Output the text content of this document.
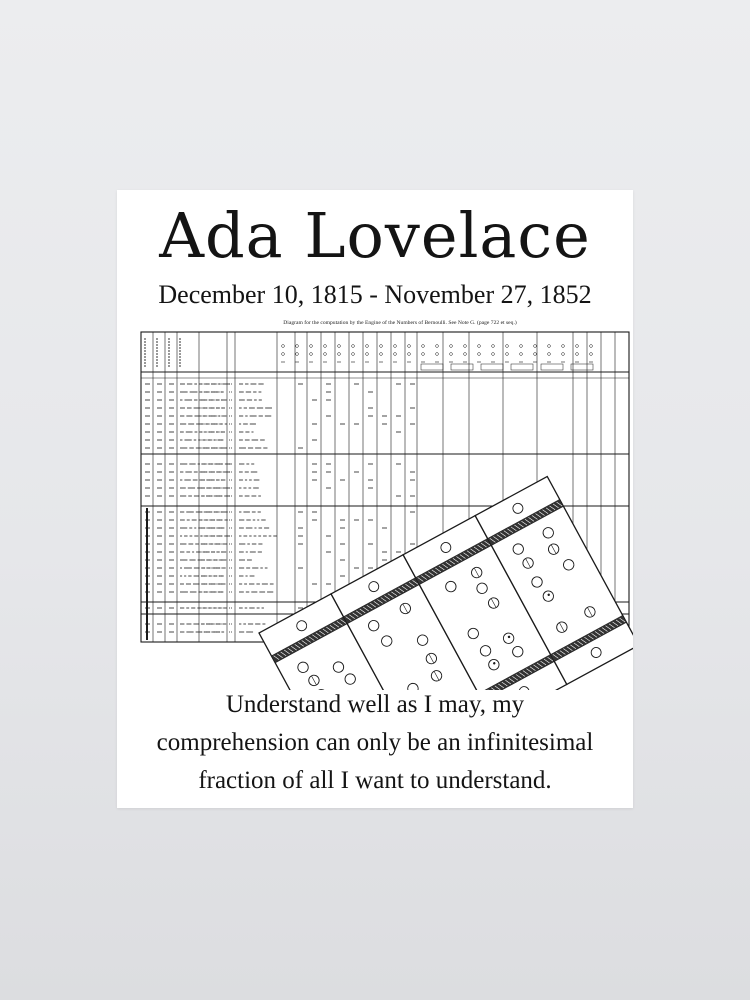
Ada Lovelace
December 10, 1815 - November 27, 1852
Diagram for the computation by the Engine of the Numbers of Bernoulli. See Note G. (page 722 et seq.)
Understand well as I may, my
comprehension can only be an infinitesimal
fraction of all I want to understand.
